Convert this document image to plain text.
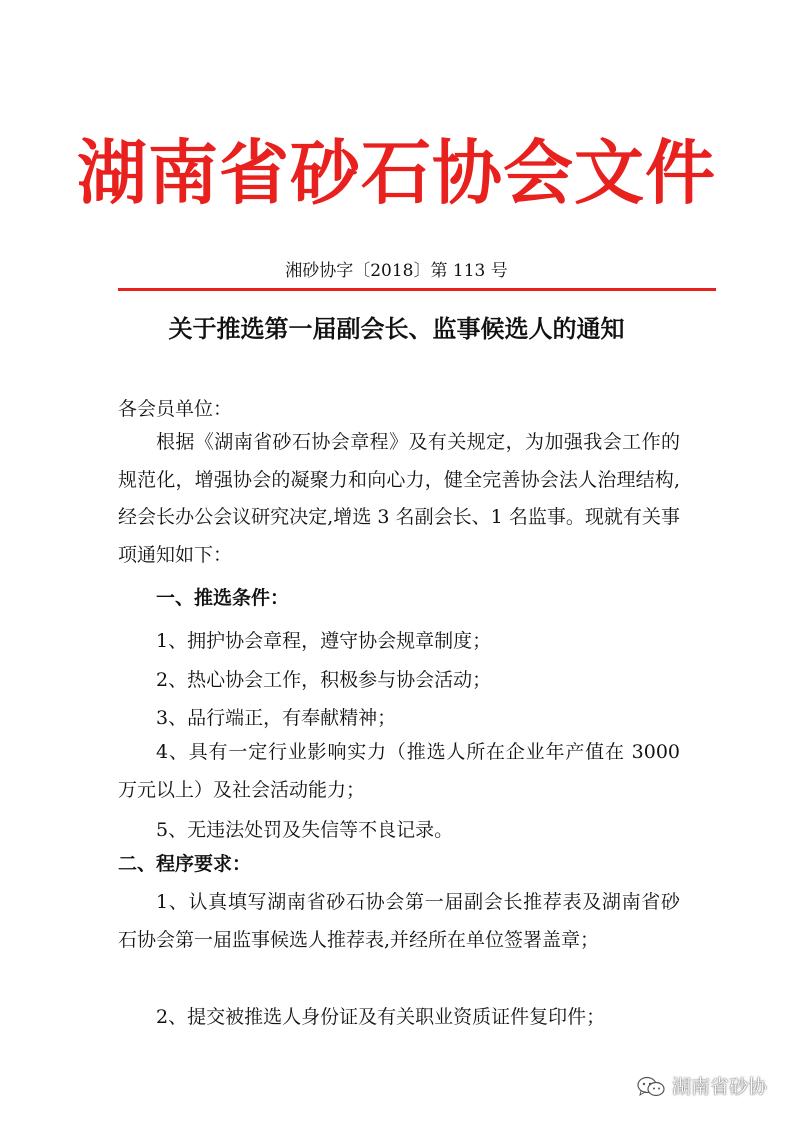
湖南省砂石协会文件
湘砂协字〔2018〕第 113 号
关于推选第一届副会长、监事候选人的通知
各会员单位：
根据《湖南省砂石协会章程》及有关规定，为加强我会工作的规范化，增强协会的凝聚力和向心力，健全完善协会法人治理结构,经会长办公会议研究决定,增选 3 名副会长、1 名监事。现就有关事项通知如下：
一、推选条件：
1、拥护协会章程，遵守协会规章制度；
2、热心协会工作，积极参与协会活动；
3、品行端正，有奉献精神；
4、具有一定行业影响实力（推选人所在企业年产值在 3000 万元以上）及社会活动能力；
5、无违法处罚及失信等不良记录。
二、程序要求：
1、认真填写湖南省砂石协会第一届副会长推荐表及湖南省砂石协会第一届监事候选人推荐表,并经所在单位签署盖章；
2、提交被推选人身份证及有关职业资质证件复印件；
湖南省砂协
